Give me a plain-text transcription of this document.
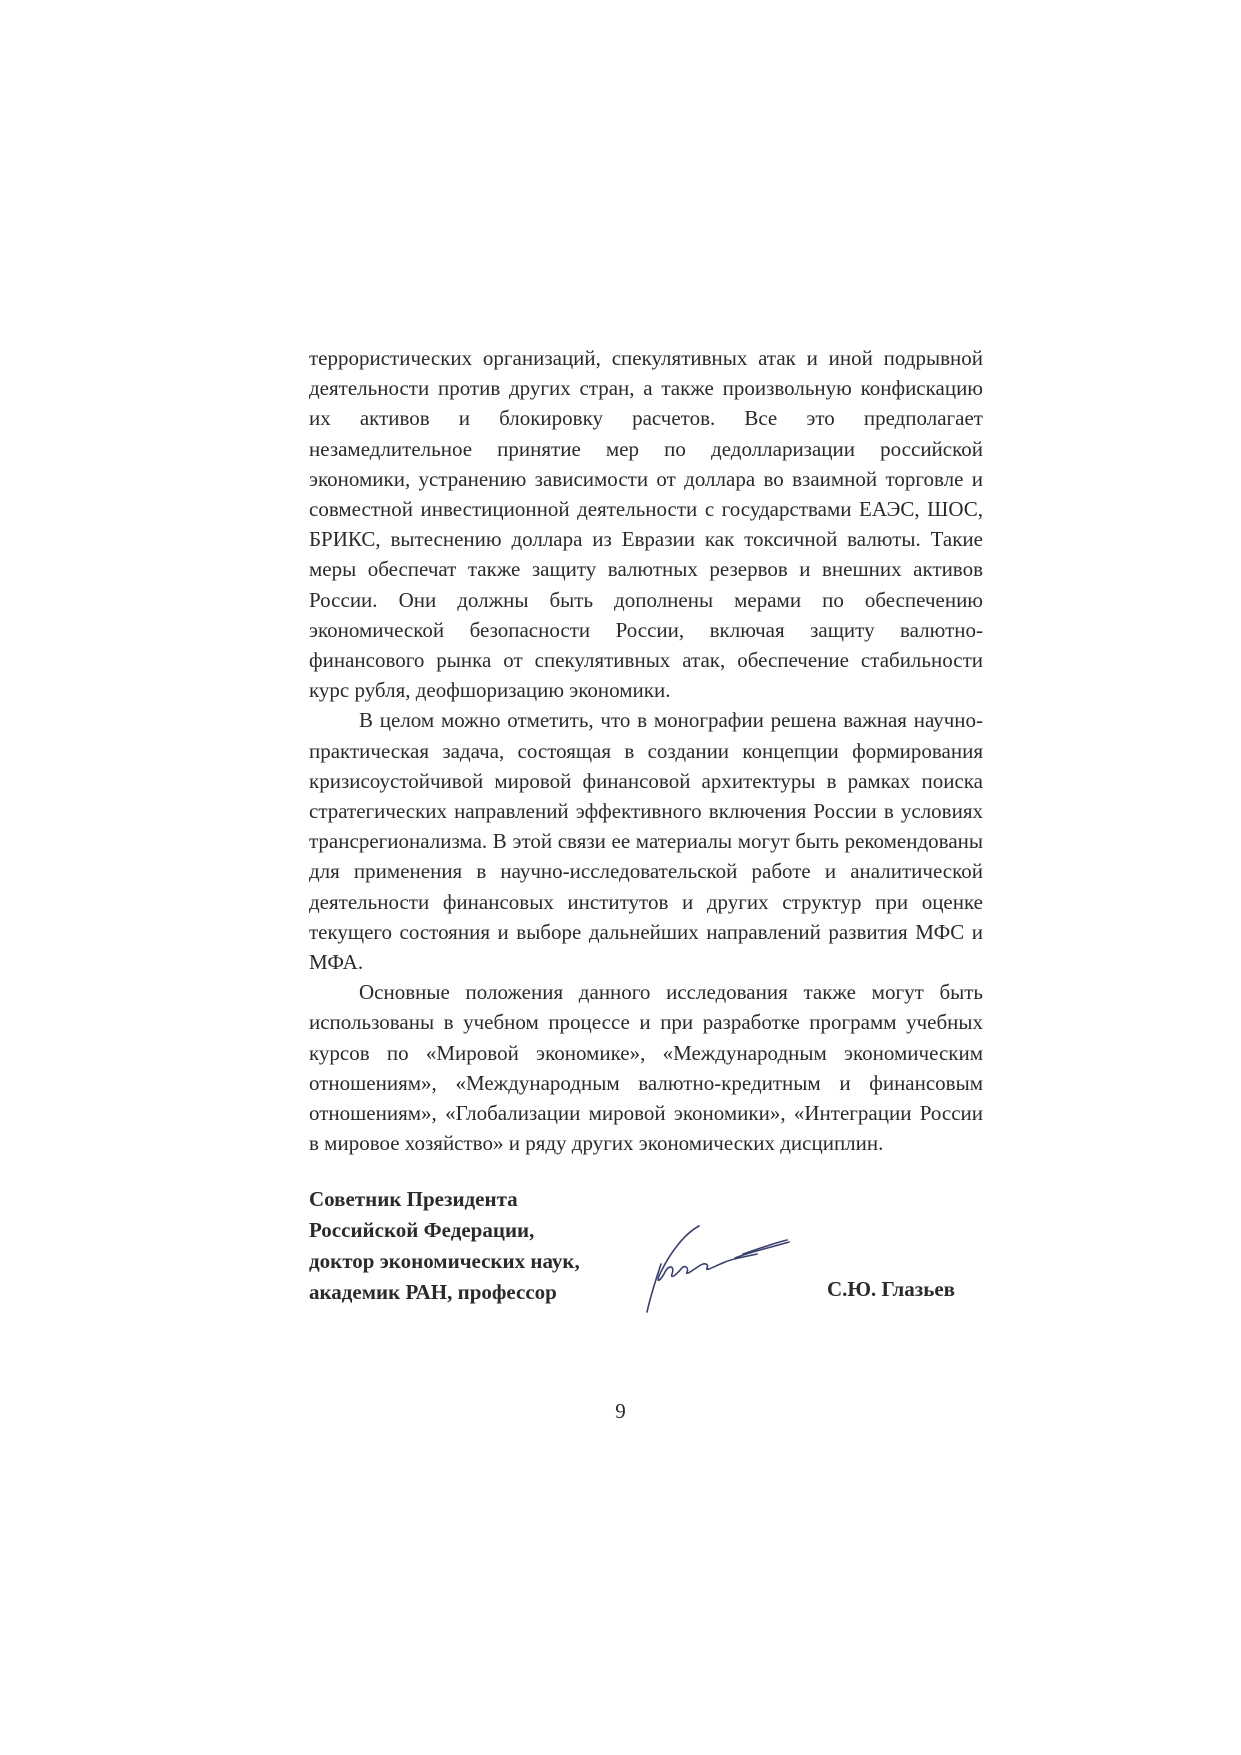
террористических организаций, спекулятивных атак и иной подрывной деятельности против других стран, а также произвольную конфискацию их активов и блокировку расчетов. Все это предполагает незамедлительное принятие мер по дедолларизации российской экономики, устранению зависимости от доллара во взаимной торговле и совместной инвестиционной деятельности с государствами ЕАЭС, ШОС, БРИКС, вытеснению доллара из Евразии как токсичной валюты. Такие меры обеспечат также защиту валютных резервов и внешних активов России. Они должны быть дополнены мерами по обеспечению экономической безопасности России, включая защиту валютно-финансового рынка от спекулятивных атак, обеспечение стабильности курс рубля, деофшоризацию экономики.

В целом можно отметить, что в монографии решена важная научно-практическая задача, состоящая в создании концепции формирования кризисоустойчивой мировой финансовой архитектуры в рамках поиска стратегических направлений эффективного включения России в условиях трансрегионализма. В этой связи ее материалы могут быть рекомендованы для применения в научно-исследовательской работе и аналитической деятельности финансовых институтов и других структур при оценке текущего состояния и выборе дальнейших направлений развития МФС и МФА.

Основные положения данного исследования также могут быть использованы в учебном процессе и при разработке программ учебных курсов по «Мировой экономике», «Международным экономическим отношениям», «Международным валютно-кредитным и финансовым отношениям», «Глобализации мировой экономики», «Интеграции России в мировое хозяйство» и ряду других экономических дисциплин.

Советник Президента
Российской Федерации,
доктор экономических наук,
академик РАН, профессор	С.Ю. Глазьев
9
